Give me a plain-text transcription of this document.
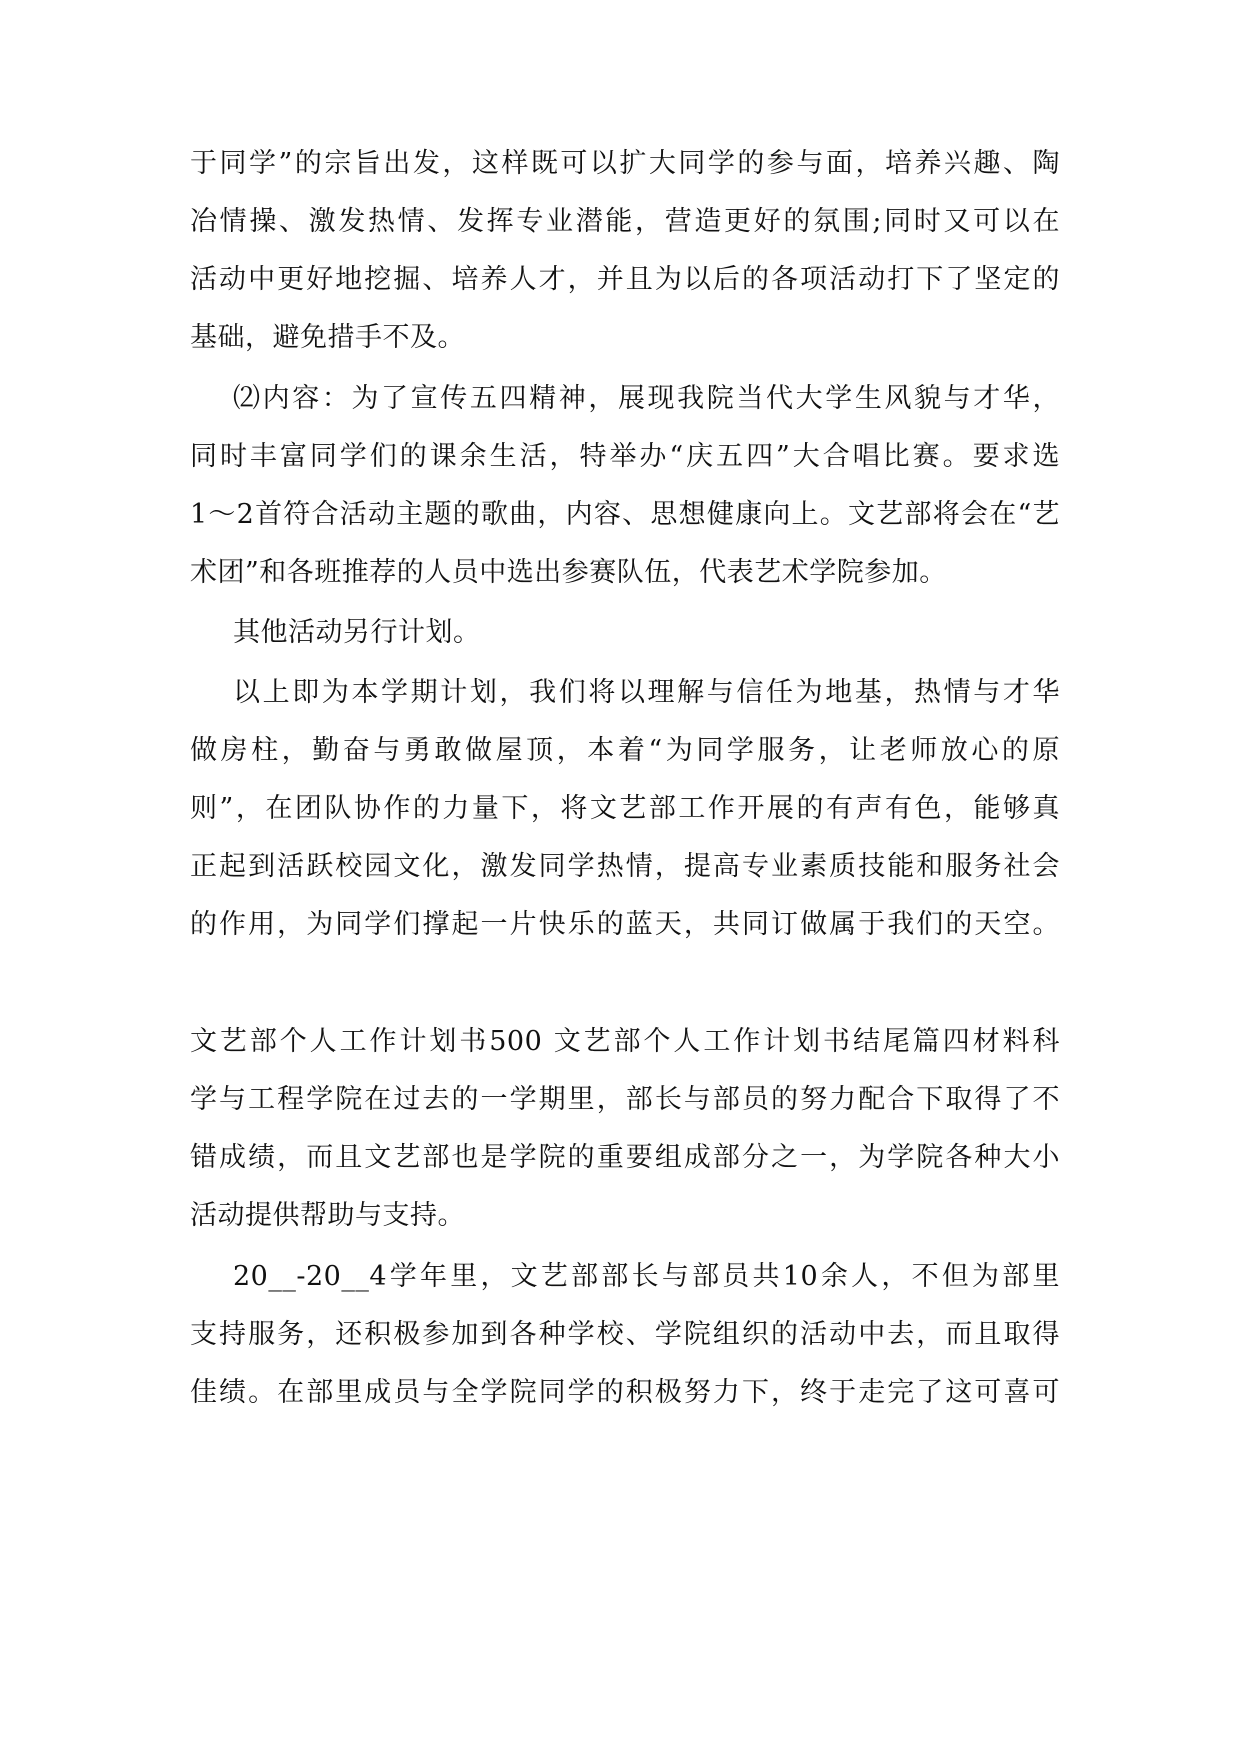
于同学”的宗旨出发，这样既可以扩大同学的参与面，培养兴趣、陶
冶情操、激发热情、发挥专业潜能，营造更好的氛围;同时又可以在
活动中更好地挖掘、培养人才，并且为以后的各项活动打下了坚定的
基础，避免措手不及。
⑵内容：为了宣传五四精神，展现我院当代大学生风貌与才华，
同时丰富同学们的课余生活，特举办“庆五四”大合唱比赛。要求选
1～2首符合活动主题的歌曲，内容、思想健康向上。文艺部将会在“艺
术团”和各班推荐的人员中选出参赛队伍，代表艺术学院参加。
其他活动另行计划。
以上即为本学期计划，我们将以理解与信任为地基，热情与才华
做房柱，勤奋与勇敢做屋顶，本着“为同学服务，让老师放心的原
则”，在团队协作的力量下，将文艺部工作开展的有声有色，能够真
正起到活跃校园文化，激发同学热情，提高专业素质技能和服务社会
的作用，为同学们撑起一片快乐的蓝天，共同订做属于我们的天空。
文艺部个人工作计划书500 文艺部个人工作计划书结尾篇四材料科
学与工程学院在过去的一学期里，部长与部员的努力配合下取得了不
错成绩，而且文艺部也是学院的重要组成部分之一，为学院各种大小
活动提供帮助与支持。
20__-20__4学年里，文艺部部长与部员共10余人，不但为部里
支持服务，还积极参加到各种学校、学院组织的活动中去，而且取得
佳绩。在部里成员与全学院同学的积极努力下，终于走完了这可喜可
